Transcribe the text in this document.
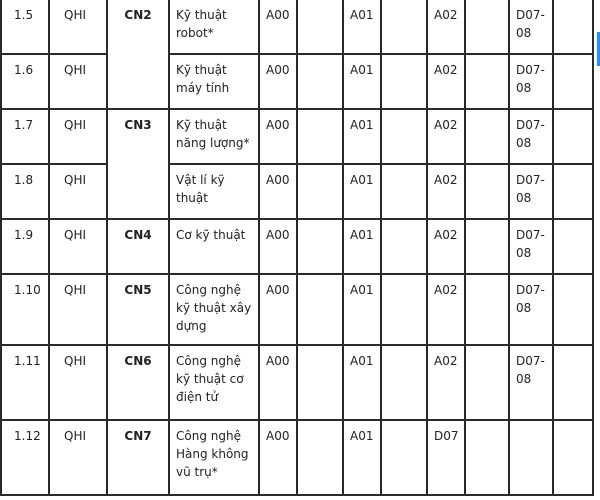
1.5	QHI	CN2	Kỹ thuật robot*	A00		A01		A02		D07-08	
1.6	QHI		Kỹ thuật máy tính	A00		A01		A02		D07-08	
1.7	QHI	CN3	Kỹ thuật năng lượng*	A00		A01		A02		D07-08	
1.8	QHI		Vật lí kỹ thuật	A00		A01		A02		D07-08	
1.9	QHI	CN4	Cơ kỹ thuật	A00		A01		A02		D07-08	
1.10	QHI	CN5	Công nghệ kỹ thuật xây dựng	A00		A01		A02		D07-08	
1.11	QHI	CN6	Công nghệ kỹ thuật cơ điện tử	A00		A01		A02		D07-08	
1.12	QHI	CN7	Công nghệ Hàng không vũ trụ*	A00		A01		D07			
